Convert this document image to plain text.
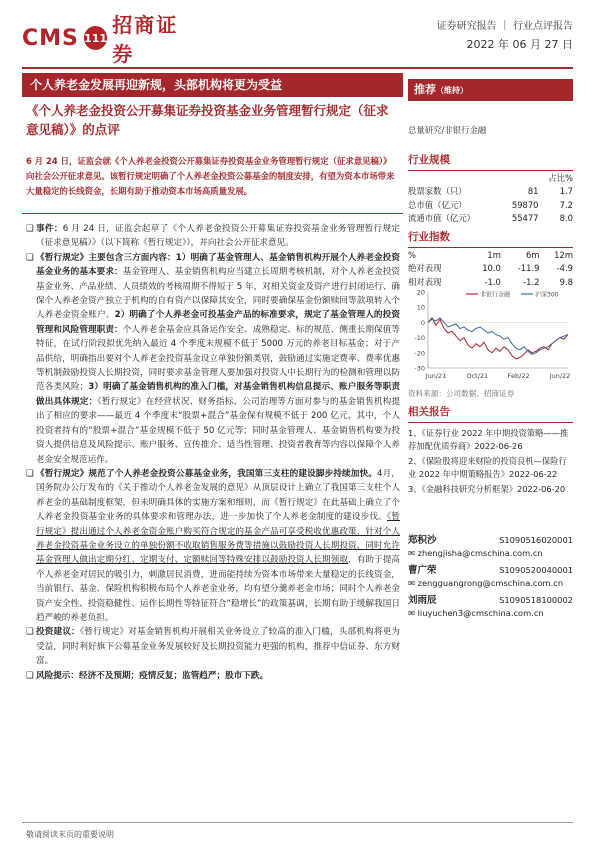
CMS 111
招商证券
证券研究报告 ｜ 行业点评报告
2022 年 06 月 27 日
个人养老金发展再迎新规，头部机构将更为受益
《个人养老金投资公开募集证券投资基金业务管理暂行规定（征求意见稿）》的点评
6 月 24 日，证监会就《个人养老金投资公开募集证券投资基金业务管理暂行规定（征求意见稿）》向社会公开征求意见。该暂行规定明确了个人养老金投资公募基金的制度安排，有望为资本市场带来大量稳定的长线资金，长期有助于推动资本市场高质量发展。
❑ 事件：6 月 24 日，证监会起草了《个人养老金投资公开募集证券投资基金业务管理暂行规定（征求意见稿）》（以下简称《暂行规定》），并向社会公开征求意见。

❑ 《暂行规定》主要包含三方面内容：1）明确了基金管理人、基金销售机构开展个人养老金投资基金业务的基本要求：基金管理人、基金销售机构应当建立长周期考核机制，对个人养老金投资基金业务、产品业绩、人员绩效的考核周期不得短于 5 年，对相关资金及资产进行封闭运行、确保个人养老金资产独立于机构的自有资产以保障其安全，同时要确保基金份额赎回等款项转入个人养老金资金账户。2）明确了个人养老金可投基金产品的标准要求，规定了基金管理人的投资管理和风险管理职责：个人养老金基金应具备运作安全、成熟稳定、标的规范、侧重长期保值等特征，在试行阶段拟优先纳入最近 4 个季度末规模不低于 5000 万元的养老目标基金；对于产品供给，明确指出要对个人养老金投资基金设立单独份额类别，鼓励通过实施定费率、费率优惠等机制鼓励投资人长期投资，同时要求基金管理人要加强对投资人中长期行为的检测和管理以防范各类风险；3）明确了基金销售机构的准入门槛，对基金销售机构信息提示、账户服务等职责做出具体规定：《暂行规定》在经营状况、财务指标、公司治理等方面对参与的基金销售机构提出了相应的要求——最近 4 个季度末“股票+混合”基金保有规模不低于 200 亿元，其中，个人投资者持有的“股票+混合”基金规模不低于 50 亿元等；同时基金管理人、基金销售机构要为投资人提供信息及风险提示、账户服务、宣传推介、适当性管理、投资者教育等内容以保障个人养老金安全规范运作。

❑ 《暂行规定》规范了个人养老金投资公募基金业务，我国第三支柱的建设脚步持续加快。4月，国务院办公厅发布的《关于推动个人养老金发展的意见》从顶层设计上确立了我国第三支柱个人养老金的基础制度框架，但未明确具体的实施方案和细则，而《暂行规定》在此基础上确立了个人养老金投资基金业务的具体要求和管理办法，进一步加快了个人养老金制度的建设步伐。《暂行规定》提出通过个人养老金资金账户购买符合规定的基金产品可享受税收优惠政策，针对个人养老金投资基金业务设立的单独份额不收取销售服务费等措施以鼓励投资人长期投资，同时允许基金管理人做出定期分红、定期支付、定额赎回等特殊安排以鼓励投资人长期领取，有助于提高个人养老金对居民的吸引力，刺激居民消费，进而能持续为资本市场带来大量稳定的长线资金，当前银行、基金、保险机构积极布局个人养老金业务，均有望分羹养老金市场；同时个人养老金资产安全性、投资稳健性、运作长期性等特征符合“稳增长”的政策基调，长期有助于缓解我国日趋严峻的养老负担。

❑ 投资建议：《暂行规定》对基金销售机构开展相关业务设立了较高的准入门槛，头部机构将更为受益，同时利好旗下公募基金业务发展较好及长期投资能力更强的机构，推荐中信证券、东方财富。

❑ 风险提示：经济不及预期；疫情反复；监管趋严；股市下跌。

敬请阅读末页的重要说明
推荐（维持）
总量研究/非银行金融
行业规模
		占比%
股票家数（只）	81	1.7
总市值（亿元）	59870	7.2
流通市值（亿元）	55477	8.0
行业指数
%	1m	6m	12m
绝对表现	10.0	-11.9	-4.9
相对表现	-1.0	-1.2	9.8
20
10
0
-10
-20
-30
Jun/21	Oct/21	Feb/22	Jun/22
非银行金融	沪深300
资料来源：公司数据、招商证券
相关报告
1、《证券行业 2022 年中期投资策略——推荐加配优质券商》2022-06-26
2、《保险股将迎来财险的投资良机—保险行业 2022 年中期策略报告》2022-06-22
3、《金融科技研究分析框架》2022-06-20
郑积沙	S1090516020001
✉ zhengjisha@cmschina.com.cn
曹广荣	S1090520040001
✉ zengguangrong@cmschina.com.cn
刘雨辰	S1090518100002
✉ liuyuchen3@cmschina.com.cn
